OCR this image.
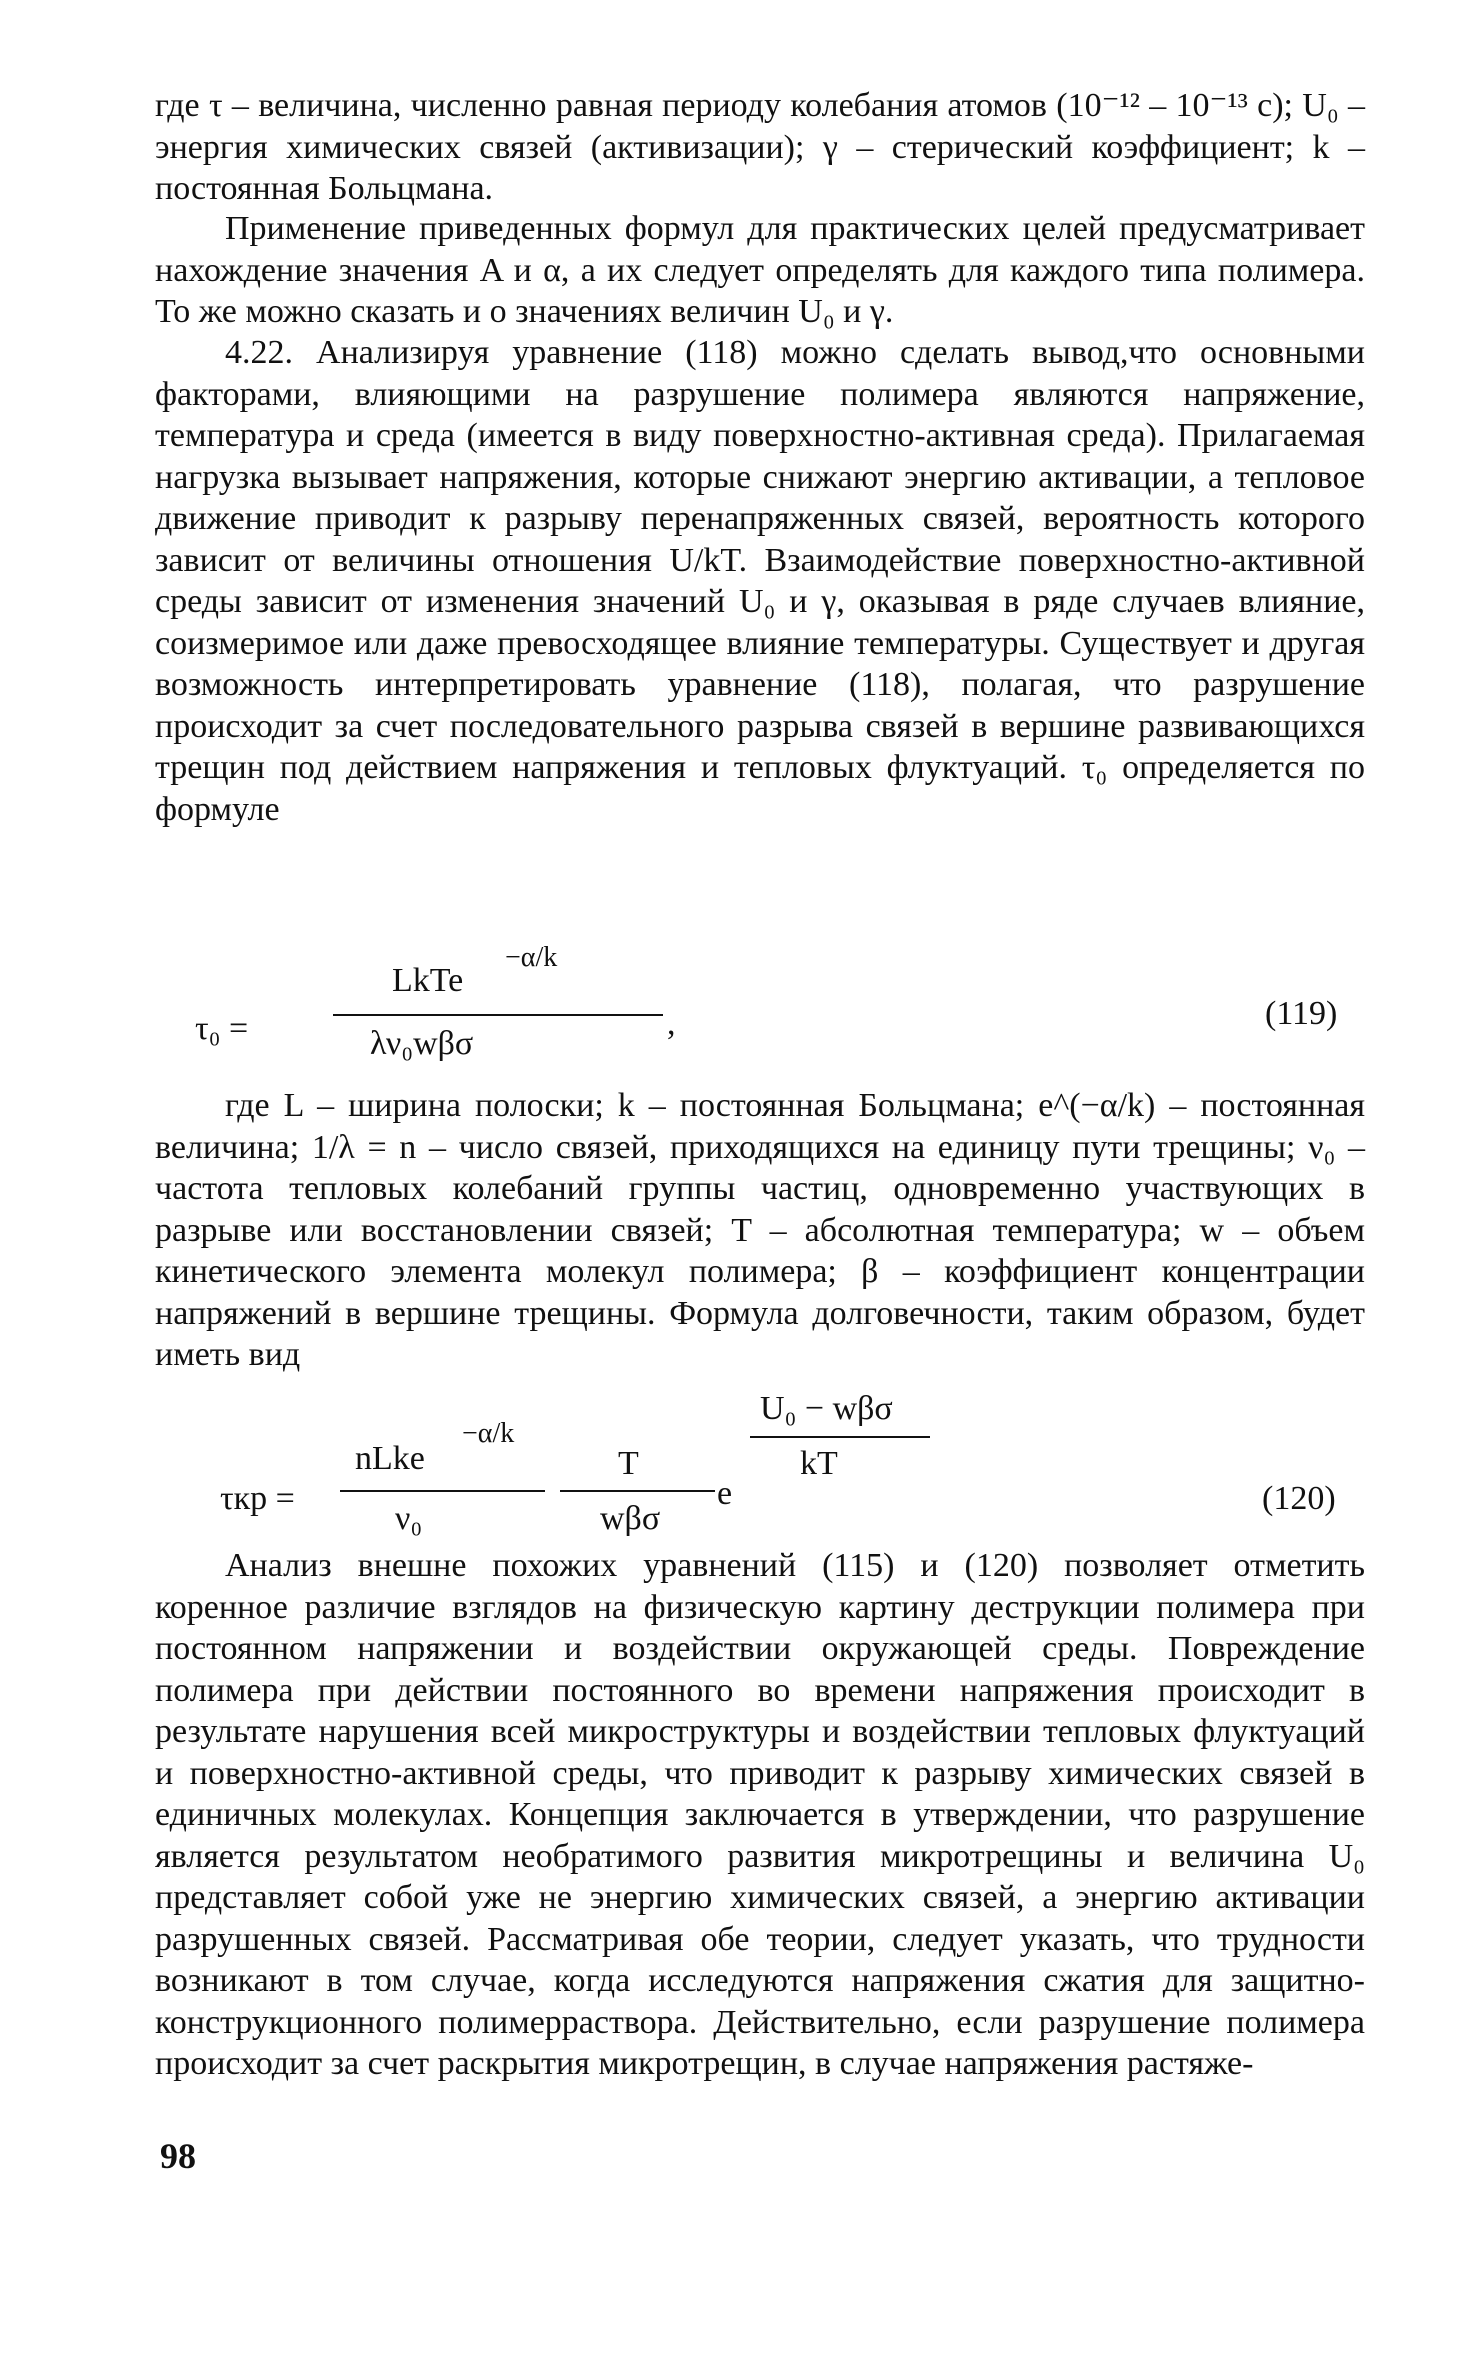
где τ – величина, численно равная периоду колебания атомов (10⁻¹² – 10⁻¹³ с); U₀ – энергия химических связей (активизации); γ – стерический коэффициент; k – постоянная Больцмана.

Применение приведенных формул для практических целей предусматривает нахождение значения A и α, а их следует определять для каждого типа полимера. То же можно сказать и о значениях величин U₀ и γ.

4.22. Анализируя уравнение (118) можно сделать вывод,что основными факторами, влияющими на разрушение полимера являются напряжение, температура и среда (имеется в виду поверхностно-активная среда). Прилагаемая нагрузка вызывает напряжения, которые снижают энергию активации, а тепловое движение приводит к разрыву перенапряженных связей, вероятность которого зависит от величины отношения U/kT. Взаимодействие поверхностно-активной среды зависит от изменения значений U₀ и γ, оказывая в ряде случаев влияние, соизмеримое или даже превосходящее влияние температуры. Существует и другая возможность интерпретировать уравнение (118), полагая, что разрушение происходит за счет последовательного разрыва связей в вершине развивающихся трещин под действием напряжения и тепловых флуктуаций. τ₀ определяется по формуле

τ₀ =
LkTe
−α/k
λν₀wβσ
,	(119)

где L – ширина полоски; k – постоянная Больцмана; e^(−α/k) – постоянная величина; 1/λ = n – число связей, приходящихся на единицу пути трещины; ν₀ – частота тепловых колебаний группы частиц, одновременно участвующих в разрыве или восстановлении связей; T – абсолютная температура; w – объем кинетического элемента молекул полимера; β – коэффициент концентрации напряжений в вершине трещины. Формула долговечности, таким образом, будет иметь вид

τкр =
nLke
−α/k
ν₀
T
wβσ
e
U₀ − wβσ
kT
(120)

Анализ внешне похожих уравнений (115) и (120) позволяет отметить коренное различие взглядов на физическую картину деструкции полимера при постоянном напряжении и воздействии окружающей среды. Повреждение полимера при действии постоянного во времени напряжения происходит в результате нарушения всей микроструктуры и воздействии тепловых флуктуаций и поверхностно-активной среды, что приводит к разрыву химических связей в единичных молекулах. Концепция заключается в утверждении, что разрушение является результатом необратимого развития микротрещины и величина U₀ представляет собой уже не энергию химических связей, а энергию активации разрушенных связей. Рассматривая обе теории, следует указать, что трудности возникают в том случае, когда исследуются напряжения сжатия для защитно-конструкционного полимерраствора. Действительно, если разрушение полимера происходит за счет раскрытия микротрещин, в случае напряжения растяже-

98
